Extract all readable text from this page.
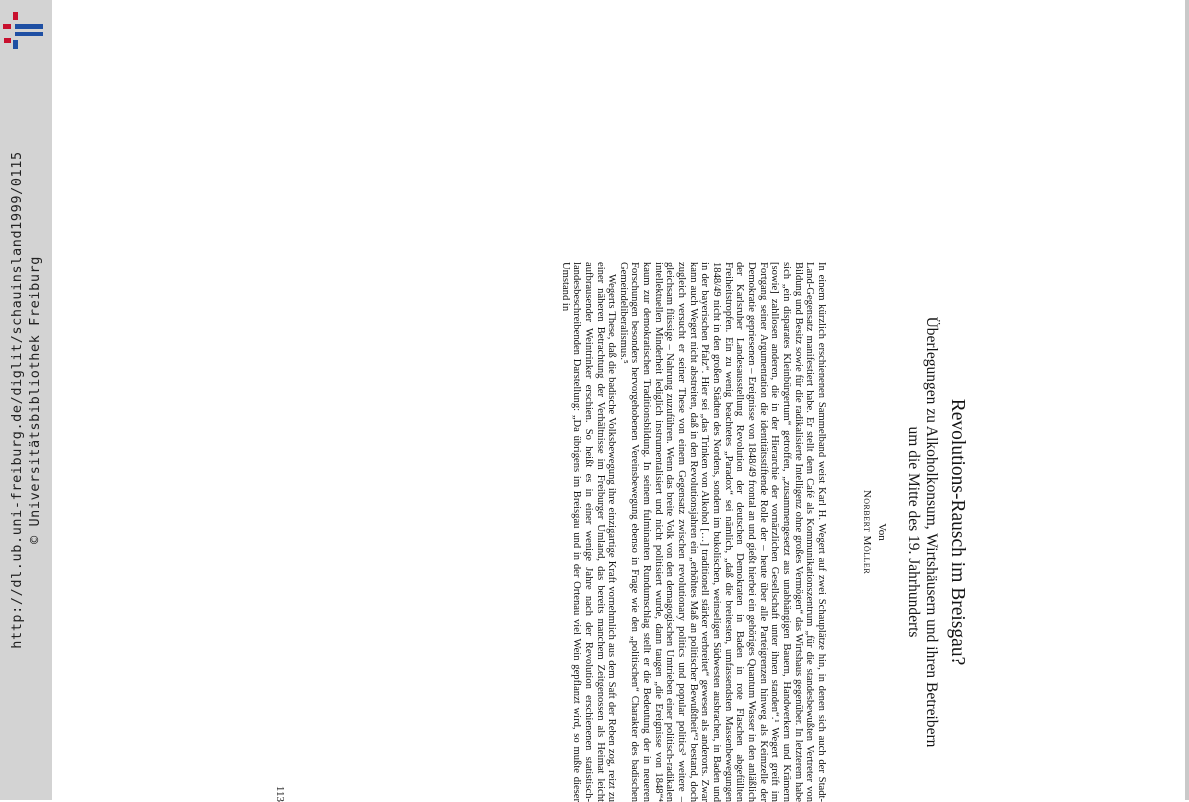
http://dl.ub.uni-freiburg.de/diglit/schauinsland1999/0115 © Universitätsbibliothek Freiburg	Revolutions-Rausch im Breisgau?
Überlegungen zu Alkoholkonsum, Wirtshäusern und ihren Betreibern
um die Mitte des 19. Jahrhunderts
Von
Norbert Möller

In einem kürzlich erschienenen Sammelband weist Karl H. Wegert auf zwei Schauplätze hin, in denen sich auch der Stadt-Land-Gegensatz manifestiert habe. Er stellt dem Café als Kommunikationszentrum „für die standesbewußten Vertreter von Bildung und Besitz sowie für die radikalisierte Intelligenz ohne großes Vermögen“ das Wirtshaus gegenüber. In letzterem habe sich „ein disparates Kleinbürgertum“ getroffen, „zusammengesetzt aus unabhängigen Bauern, Handwerkern und Krämern [sowie] zahllosen anderen, die in der Hierarchie der vornärzlichen Gesellschaft unter ihnen standen“.¹ Wegert greift im Fortgang seiner Argumentation die identitätsstiftende Rolle der – heute über alle Parteigrenzen hinweg als Keimzelle der Demokratie gepriesenen – Ereignisse von 1848/49 frontal an und gießt hierbei ein gehöriges Quantum Wasser in den anläßlich der Karlsruher Landesausstellung Revolution der deutschen Demokraten in Baden in rote Flaschen abgefüllten Freiheitstropfen. Ein zu wenig beachtetes „Paradox“ sei nämlich, „daß die breitesten, umfassendsten Massenbewegungen 1848/49 nicht in den großen Städten des Nordens, sondern im bukolischen, weinseligen Südwesten ausbrachen, in Baden und in der bayerischen Pfalz“. Hier sei „das Trinken von Alkohol […] traditionell stärker verbreitet“ gewesen als anderorts. Zwar kann auch Wegert nicht abstreiten, daß in den Revolutionsjahren ein „erhöhtes Maß an politischer Bewußtheit“² bestand, doch zugleich versucht er seiner These von einem Gegensatz zwischen revolutionary politics und popular politics³ weitere – gleichsam flüssige – Nahrung zuzuführen. Wenn das breite Volk von den demagogischen Umtrieben einer politisch-radikalen intellektuellen Minderheit lediglich instrumentalisiert und nicht politisiert wurde, dann taugen „die Ereignisse von 1848“⁴ kaum zur demokratischen Traditionsbildung. In seinem fulminanten Rundumschlag stellt er die Bedeutung der in neueren Forschungen besonders hervorgehobenen Vereinsbewegung ebenso in Frage wie den „politischen“ Charakter des badischen Gemeindeliberalismus.⁵

Wegerts These, daß die badische Volksbewegung ihre einzigartige Kraft vornehmlich aus dem Saft der Reben zog, reizt zu einer näheren Betrachtung der Verhältnisse im Freiburger Umland, das bereits manchem Zeitgenossen als Heimat leicht aufbrausender Weintrinker erschien. So heißt es in einer wenige Jahre nach der Revolution erschienenen statistisch-landesbeschreibenden Darstellung: „Da übrigens im Breisgau und in der Ortenau viel Wein gepflanzt wird, so mußte dieser Umstand in

113
